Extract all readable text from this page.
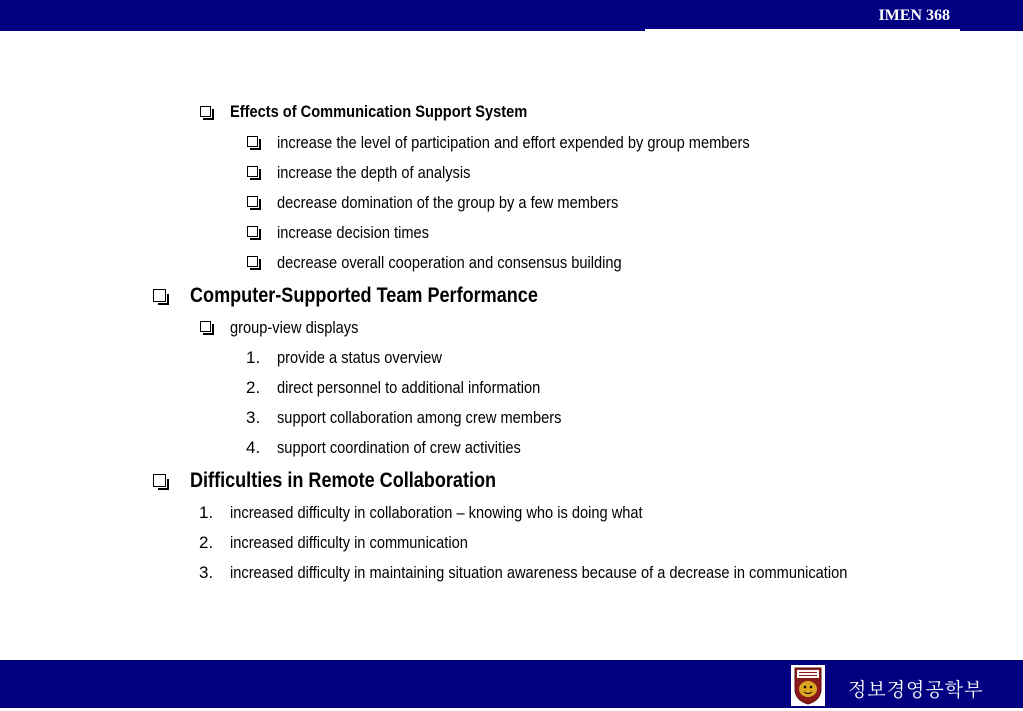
IMEN 368
Effects of Communication Support System
increase the level of participation and effort expended by group members
increase the depth of analysis
decrease domination of the group by a few members
increase decision times
decrease overall cooperation and consensus building
Computer-Supported Team Performance
group-view displays
1. provide a status overview
2. direct personnel to additional information
3. support collaboration among crew members
4. support coordination of crew activities
Difficulties in Remote Collaboration
1. increased difficulty in collaboration – knowing who is doing what
2. increased difficulty in communication
3. increased difficulty in maintaining situation awareness because of a decrease in communication
정보경영공학부
